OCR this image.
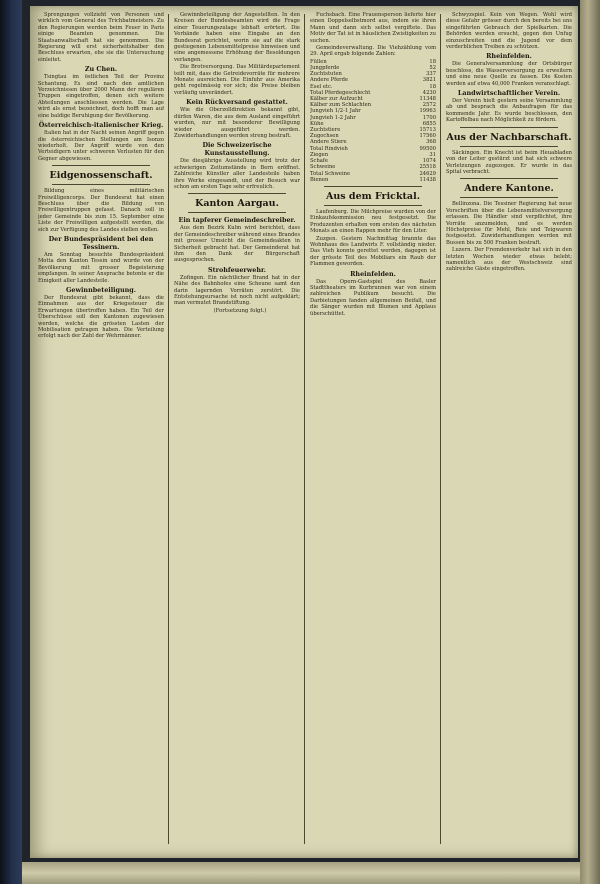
Sprengungen vollzieht von Personen und wirklich vom General des Trichbatmeisters. Zu den Regierungen werden beim Feuer in Paris einige Beamten genommen. Die Staatsanwaltschaft hat sie genommen. Die Regierung will erst sicherheitshalber den Beschluss erwarten, ehe sie die Untersuchung einleitet.

Zu Chen.

Tsingtau im östlichen Teil der Provinz Schantung. Es sind nach den amtlichen Verzeichnissen über 2000 Mann der regulären Truppen eingetroffen, denen sich weitere Abteilungen anschliessen werden. Die Lage wird als ernst bezeichnet, doch hofft man auf eine baldige Beruhigung der Bevölkerung.

Österreichisch-italienischer Krieg.

Italien hat in der Nacht seinen Angriff gegen die österreichischen Stellungen am Isonzo wiederholt. Der Angriff wurde von den Verteidigern unter schweren Verlusten für den Gegner abgewiesen.

Eidgenossenschaft.

Bildung eines militärischen Freiwilligencorps. Der Bundesrat hat einen Beschluss über die Bildung von Freiwilligentruppen gefasst. Danach soll in jeder Gemeinde bis zum 15. September eine Liste der Freiwilligen aufgestellt werden, die sich zur Verfügung des Landes stellen wollen.

Der Bundespräsident bei den Tessinern.

Am Sonntag besuchte Bundespräsident Motta den Kanton Tessin und wurde von der Bevölkerung mit grosser Begeisterung empfangen. In seiner Ansprache betonte er die Einigkeit aller Landesteile.

Gewinnbeteiligung.

Der Bundesrat gibt bekannt, dass die Einnahmen aus der Kriegssteuer die Erwartungen übertroffen haben. Ein Teil der Überschüsse soll den Kantonen zugewiesen werden, welche die grössten Lasten der Mobilisation getragen haben. Die Verteilung erfolgt nach der Zahl der Wehrmänner.

Gewinnbeteiligung der Angestellten. In den Kreisen der Bundesbeamten wird die Frage einer Teuerungszulage lebhaft erörtert. Die Verbände haben eine Eingabe an den Bundesrat gerichtet, worin sie auf die stark gestiegenen Lebensmittelpreise hinweisen und eine angemessene Erhöhung der Besoldungen verlangen.

Die Brotversorgung. Das Militärdepartement teilt mit, dass die Getreidevorräte für mehrere Monate ausreichen. Die Einfuhr aus Amerika geht regelmässig vor sich; die Preise bleiben vorläufig unverändert.

Kein Rückversand gestattet.

Wie die Oberzolldirektion bekannt gibt, dürfen Waren, die aus dem Ausland eingeführt wurden, nur mit besonderer Bewilligung wieder ausgeführt werden. Zuwiderhandlungen werden streng bestraft.

Die Schweizerische Kunstausstellung.

Die diesjährige Ausstellung wird trotz der schwierigen Zeitumstände in Bern eröffnet. Zahlreiche Künstler aller Landesteile haben ihre Werke eingesandt, und der Besuch war schon am ersten Tage sehr erfreulich.

Kanton Aargau.
Ein tapferer Gemeindeschreiber.

Aus dem Bezirk Kulm wird berichtet, dass der Gemeindeschreiber während eines Brandes mit grosser Umsicht die Gemeindeakten in Sicherheit gebracht hat. Der Gemeinderat hat ihm den Dank der Bürgerschaft ausgesprochen.

Strohfeuerwehr.

Zofingen. Ein nächtlicher Brand hat in der Nähe des Bahnhofes eine Scheune samt den darin lagernden Vorräten zerstört. Die Entstehungsursache ist noch nicht aufgeklärt; man vermutet Brandstiftung.

(Fortsetzung folgt.)

Fuchsbach. Eine Frauensperson lieferte hier einen Doppelselbstmord aus, indem sie ihren Mann und dann sich selbst vergiftete. Das Motiv der Tat ist in häuslichen Zwistigkeiten zu suchen.

Gemeindeverwaltung. Die Viehzählung vom 29. April ergab folgende Zahlen:

Füllen	18
Jungpferde	52
Zuchtstuten	337
Andere Pferde	3821
Esel etc.	18
Total Pferdegeschlecht	4230
Kälber zur Aufzucht	11348
Kälber zum Schlachten	2572
Jungvieh 1/2-1 Jahr	19963
Jungvieh 1-2 Jahr	1700
Kühe	6855
Zuchtstiere	15713
Zugochsen	17560
Andere Stiere	368
Total Rindvieh	99500
Ziegen	31
Schafe	1074
Schweine	25518
Total Schweine	24629
Bienen	11438
Aus dem Fricktal.

Laufenburg. Die Milchpreise wurden von der Einkaufskommission neu festgesetzt. Die Produzenten erhalten vom ersten des nächsten Monats an einen Rappen mehr für den Liter.

Zuzgen. Gestern Nachmittag brannte das Wohnhaus des Landwirts F. vollständig nieder. Das Vieh konnte gerettet werden, dagegen ist der grösste Teil des Mobiliars ein Raub der Flammen geworden.

Rheinfelden.

Das Opern-Gastspiel des Basler Stadttheaters im Kurbrunnen war von einem zahlreichen Publikum besucht. Die Darbietungen fanden allgemeinen Beifall, und die Sänger wurden mit Blumen und Applaus überschüttet.

Schwyzspiel. Kein von Wegen. Wohl wird diese Gefahr grösser durch den bereits bei uns eingeführten Gebrauch der Spielkarten. Die Behörden werden ersucht, gegen den Unfug einzuschreiten und die Jugend vor dem verderblichen Treiben zu schützen.

Rheinfelden.

Die Generalversammlung der Ortsbürger beschloss, die Wasserversorgung zu erweitern und eine neue Quelle zu fassen. Die Kosten werden auf etwa 40,000 Franken veranschlagt.

Landwirtschaftlicher Verein.

Der Verein hielt gestern seine Versammlung ab und besprach die Anbaufragen für das kommende Jahr. Es wurde beschlossen, den Kartoffelbau nach Möglichkeit zu fördern.

Aus der Nachbarschaft.

Säckingen. Ein Knecht ist beim Heuabladen von der Leiter gestürzt und hat sich schwere Verletzungen zugezogen. Er wurde in das Spital verbracht.

Andere Kantone.

Bellinzona. Die Tessiner Regierung hat neue Vorschriften über die Lebensmittelversorgung erlassen. Die Händler sind verpflichtet, ihre Vorräte anzumelden, und es werden Höchstpreise für Mehl, Reis und Teigwaren festgesetzt. Zuwiderhandlungen werden mit Bussen bis zu 500 Franken bestraft.

Luzern. Der Fremdenverkehr hat sich in den letzten Wochen wieder etwas belebt; namentlich aus der Westschweiz sind zahlreiche Gäste eingetroffen.
